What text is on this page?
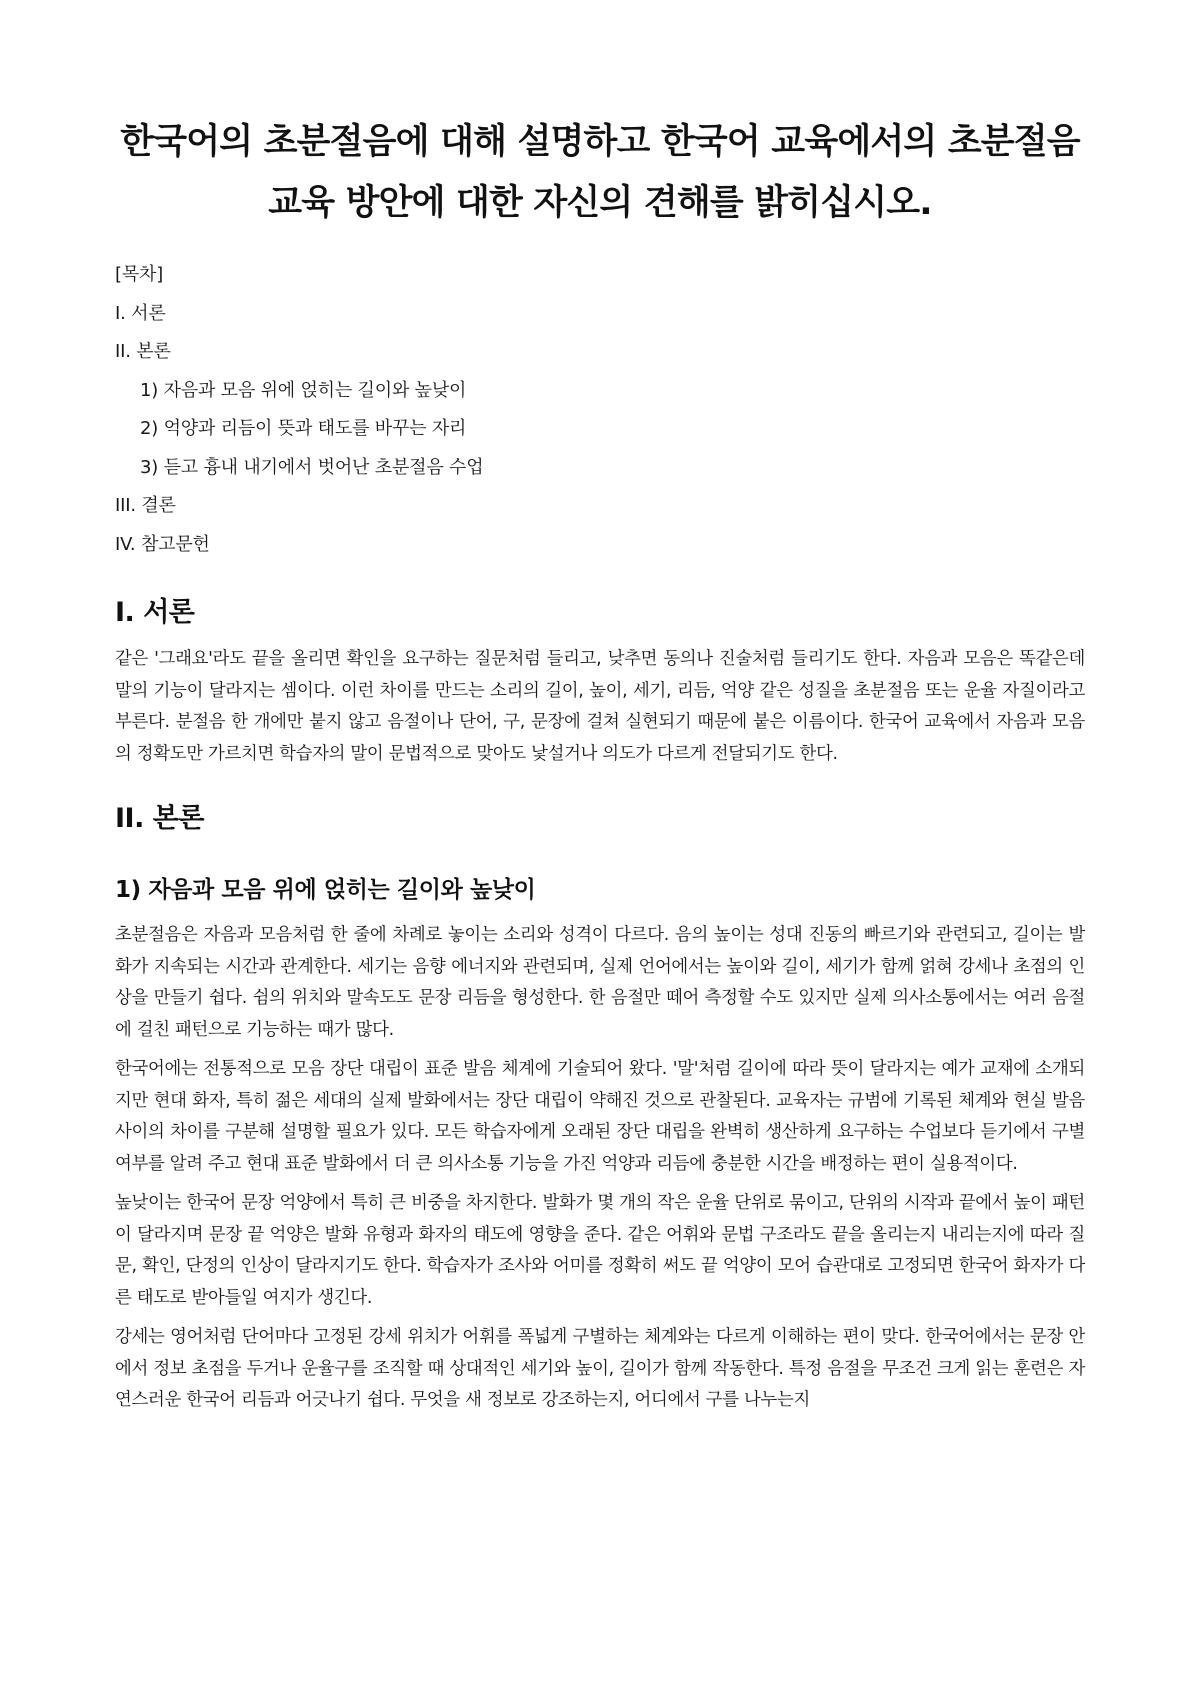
한국어의 초분절음에 대해 설명하고 한국어 교육에서의 초분절음 교육 방안에 대한 자신의 견해를 밝히십시오.

[목차]

I. 서론

II. 본론

1) 자음과 모음 위에 얹히는 길이와 높낮이

2) 억양과 리듬이 뜻과 태도를 바꾸는 자리

3) 듣고 흉내 내기에서 벗어난 초분절음 수업

III. 결론

IV. 참고문헌

I. 서론

같은 '그래요'라도 끝을 올리면 확인을 요구하는 질문처럼 들리고, 낮추면 동의나 진술처럼 들리기도 한다. 자음과 모음은 똑같은데 말의 기능이 달라지는 셈이다. 이런 차이를 만드는 소리의 길이, 높이, 세기, 리듬, 억양 같은 성질을 초분절음 또는 운율 자질이라고 부른다. 분절음 한 개에만 붙지 않고 음절이나 단어, 구, 문장에 걸쳐 실현되기 때문에 붙은 이름이다. 한국어 교육에서 자음과 모음의 정확도만 가르치면 학습자의 말이 문법적으로 맞아도 낯설거나 의도가 다르게 전달되기도 한다.

II. 본론
1) 자음과 모음 위에 얹히는 길이와 높낮이

초분절음은 자음과 모음처럼 한 줄에 차례로 놓이는 소리와 성격이 다르다. 음의 높이는 성대 진동의 빠르기와 관련되고, 길이는 발화가 지속되는 시간과 관계한다. 세기는 음향 에너지와 관련되며, 실제 언어에서는 높이와 길이, 세기가 함께 얽혀 강세나 초점의 인상을 만들기 쉽다. 쉼의 위치와 말속도도 문장 리듬을 형성한다. 한 음절만 떼어 측정할 수도 있지만 실제 의사소통에서는 여러 음절에 걸친 패턴으로 기능하는 때가 많다.

한국어에는 전통적으로 모음 장단 대립이 표준 발음 체계에 기술되어 왔다. '말'처럼 길이에 따라 뜻이 달라지는 예가 교재에 소개되지만 현대 화자, 특히 젊은 세대의 실제 발화에서는 장단 대립이 약해진 것으로 관찰된다. 교육자는 규범에 기록된 체계와 현실 발음 사이의 차이를 구분해 설명할 필요가 있다. 모든 학습자에게 오래된 장단 대립을 완벽히 생산하게 요구하는 수업보다 듣기에서 구별 여부를 알려 주고 현대 표준 발화에서 더 큰 의사소통 기능을 가진 억양과 리듬에 충분한 시간을 배정하는 편이 실용적이다.

높낮이는 한국어 문장 억양에서 특히 큰 비중을 차지한다. 발화가 몇 개의 작은 운율 단위로 묶이고, 단위의 시작과 끝에서 높이 패턴이 달라지며 문장 끝 억양은 발화 유형과 화자의 태도에 영향을 준다. 같은 어휘와 문법 구조라도 끝을 올리는지 내리는지에 따라 질문, 확인, 단정의 인상이 달라지기도 한다. 학습자가 조사와 어미를 정확히 써도 끝 억양이 모어 습관대로 고정되면 한국어 화자가 다른 태도로 받아들일 여지가 생긴다.

강세는 영어처럼 단어마다 고정된 강세 위치가 어휘를 폭넓게 구별하는 체계와는 다르게 이해하는 편이 맞다. 한국어에서는 문장 안에서 정보 초점을 두거나 운율구를 조직할 때 상대적인 세기와 높이, 길이가 함께 작동한다. 특정 음절을 무조건 크게 읽는 훈련은 자연스러운 한국어 리듬과 어긋나기 쉽다. 무엇을 새 정보로 강조하는지, 어디에서 구를 나누는지
